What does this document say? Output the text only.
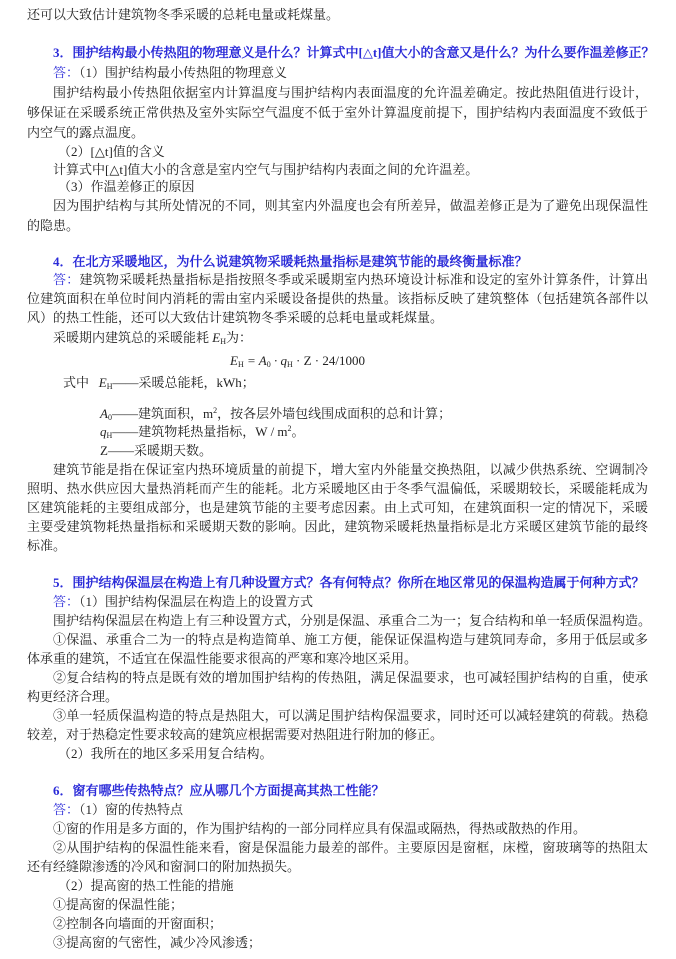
还可以大致估计建筑物冬季采暖的总耗电量或耗煤量。
3．围护结构最小传热阻的物理意义是什么？计算式中[△t]值大小的含意又是什么？为什么要作温差修正？
答：（1）围护结构最小传热阻的物理意义
围护结构最小传热阻依据室内计算温度与围护结构内表面温度的允许温差确定。按此热阻值进行设计，
够保证在采暖系统正常供热及室外实际空气温度不低于室外计算温度前提下，围护结构内表面温度不致低于
内空气的露点温度。
（2）[△t]值的含义
计算式中[△t]值大小的含意是室内空气与围护结构内表面之间的允许温差。
（3）作温差修正的原因
因为围护结构与其所处情况的不同，则其室内外温度也会有所差异，做温差修正是为了避免出现保温性
的隐患。
4．在北方采暖地区，为什么说建筑物采暖耗热量指标是建筑节能的最终衡量标准？
答：建筑物采暖耗热量指标是指按照冬季或采暖期室内热环境设计标准和设定的室外计算条件，计算出
位建筑面积在单位时间内消耗的需由室内采暖设备提供的热量。该指标反映了建筑整体（包括建筑各部件以
风）的热工性能，还可以大致估计建筑物冬季采暖的总耗电量或耗煤量。
采暖期内建筑总的采暖能耗 $E_H$为：
$E_H = A_0 \cdot q_H \cdot Z \cdot 24/1000$
式中 $E_H——$采暖总能耗，kWh；
$A_0——$建筑面积，$m^2$，按各层外墙包线围成面积的总和计算；
$q_H——$建筑物耗热量指标，W / $m^2$。
Z——采暖期天数。
建筑节能是指在保证室内热环境质量的前提下，增大室内外能量交换热阻，以减少供热系统、空调制冷
照明、热水供应因大量热消耗而产生的能耗。北方采暖地区由于冬季气温偏低，采暖期较长，采暖能耗成为
区建筑能耗的主要组成部分，也是建筑节能的主要考虑因素。由上式可知，在建筑面积一定的情况下，采暖
主要受建筑物耗热量指标和采暖期天数的影响。因此，建筑物采暖耗热量指标是北方采暖区建筑节能的最终
标准。
5．围护结构保温层在构造上有几种设置方式？各有何特点？你所在地区常见的保温构造属于何种方式？
答：（1）围护结构保温层在构造上的设置方式
围护结构保温层在构造上有三种设置方式，分别是保温、承重合二为一；复合结构和单一轻质保温构造。
①保温、承重合二为一的特点是构造简单、施工方便，能保证保温构造与建筑同寿命，多用于低层或多
体承重的建筑，不适宜在保温性能要求很高的严寒和寒冷地区采用。
②复合结构的特点是既有效的增加围护结构的传热阻，满足保温要求，也可减轻围护结构的自重，使承
构更经济合理。
③单一轻质保温构造的特点是热阻大，可以满足围护结构保温要求，同时还可以减轻建筑的荷载。热稳
较差，对于热稳定性要求较高的建筑应根据需要对热阻进行附加的修正。
（2）我所在的地区多采用复合结构。
6．窗有哪些传热特点？应从哪几个方面提高其热工性能？
答：（1）窗的传热特点
①窗的作用是多方面的，作为围护结构的一部分同样应具有保温或隔热，得热或散热的作用。
②从围护结构的保温性能来看，窗是保温能力最差的部件。主要原因是窗框，床樘，窗玻璃等的热阻太
还有经缝隙渗透的冷风和窗洞口的附加热损失。
（2）提高窗的热工性能的措施
①提高窗的保温性能；
②控制各向墙面的开窗面积；
③提高窗的气密性，减少冷风渗透；
